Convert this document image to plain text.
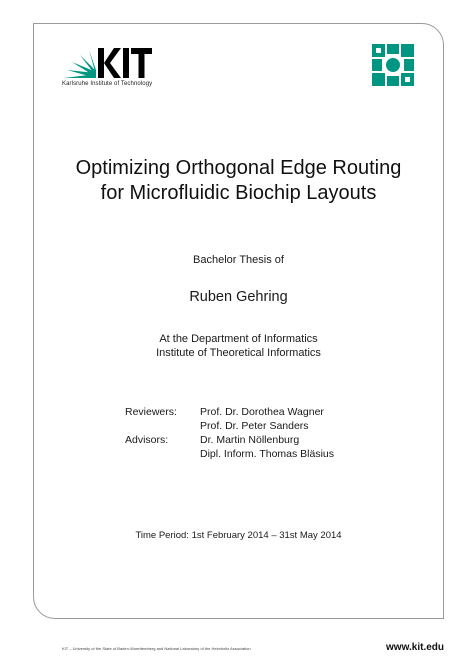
Karlsruhe Institute of Technology
Optimizing Orthogonal Edge Routing
for Microfluidic Biochip Layouts
Bachelor Thesis of
Ruben Gehring
At the Department of Informatics
Institute of Theoretical Informatics
Reviewers:	Prof. Dr. Dorothea Wagner
Prof. Dr. Peter Sanders
Advisors:	Dr. Martin Nöllenburg
Dipl. Inform. Thomas Bläsius
Time Period: 1st February 2014 – 31st May 2014
KIT – University of the State of Baden-Wuerttemberg and National Laboratory of the Helmholtz Association	www.kit.edu
